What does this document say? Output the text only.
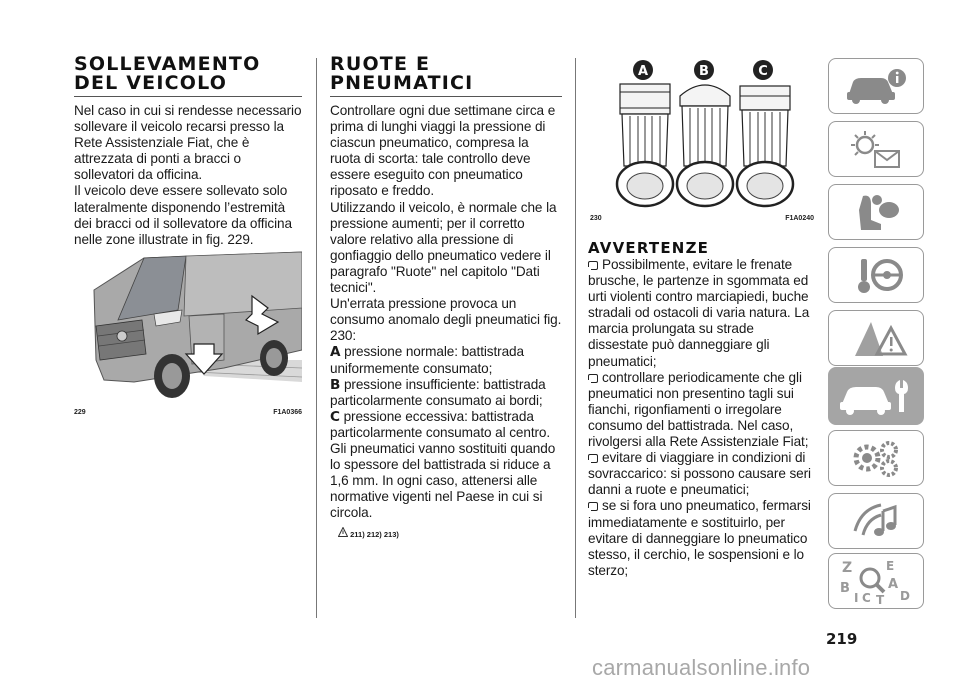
SOLLEVAMENTO
DEL VEICOLO

Nel caso in cui si rendesse necessario sollevare il veicolo recarsi presso la Rete Assistenziale Fiat, che è attrezzata di ponti a bracci o sollevatori da officina.

Il veicolo deve essere sollevato solo lateralmente disponendo l’estremità dei bracci od il sollevatore da officina nelle zone illustrate in fig. 229.

229	F1A0366
RUOTE E
PNEUMATICI

Controllare ogni due settimane circa e prima di lunghi viaggi la pressione di ciascun pneumatico, compresa la ruota di scorta: tale controllo deve essere eseguito con pneumatico riposato e freddo.

Utilizzando il veicolo, è normale che la pressione aumenti; per il corretto valore relativo alla pressione di gonfiaggio dello pneumatico vedere il paragrafo "Ruote" nel capitolo "Dati tecnici".

Un'errata pressione provoca un consumo anomalo degli pneumatici fig. 230:

A pressione normale: battistrada uniformemente consumato;

B pressione insufficiente: battistrada particolarmente consumato ai bordi;

C pressione eccessiva: battistrada particolarmente consumato al centro.

Gli pneumatici vanno sostituiti quando lo spessore del battistrada si riduce a 1,6 mm. In ogni caso, attenersi alle normative vigenti nel Paese in cui si circola.

211) 212) 213)
A	B	C
230	F1A0240
AVVERTENZE

Possibilmente, evitare le frenate brusche, le partenze in sgommata ed urti violenti contro marciapiedi, buche stradali od ostacoli di varia natura. La marcia prolungata su strade dissestate può danneggiare gli pneumatici;

controllare periodicamente che gli pneumatici non presentino tagli sui fianchi, rigonfiamenti o irregolare consumo del battistrada. Nel caso, rivolgersi alla Rete Assistenziale Fiat;

evitare di viaggiare in condizioni di sovraccarico: si possono causare seri danni a ruote e pneumatici;

se si fora uno pneumatico, fermarsi immediatamente e sostituirlo, per evitare di danneggiare lo pneumatico stesso, il cerchio, le sospensioni e lo sterzo;	Z	E
B	A
I C T D
219
carmanualsonline.info
